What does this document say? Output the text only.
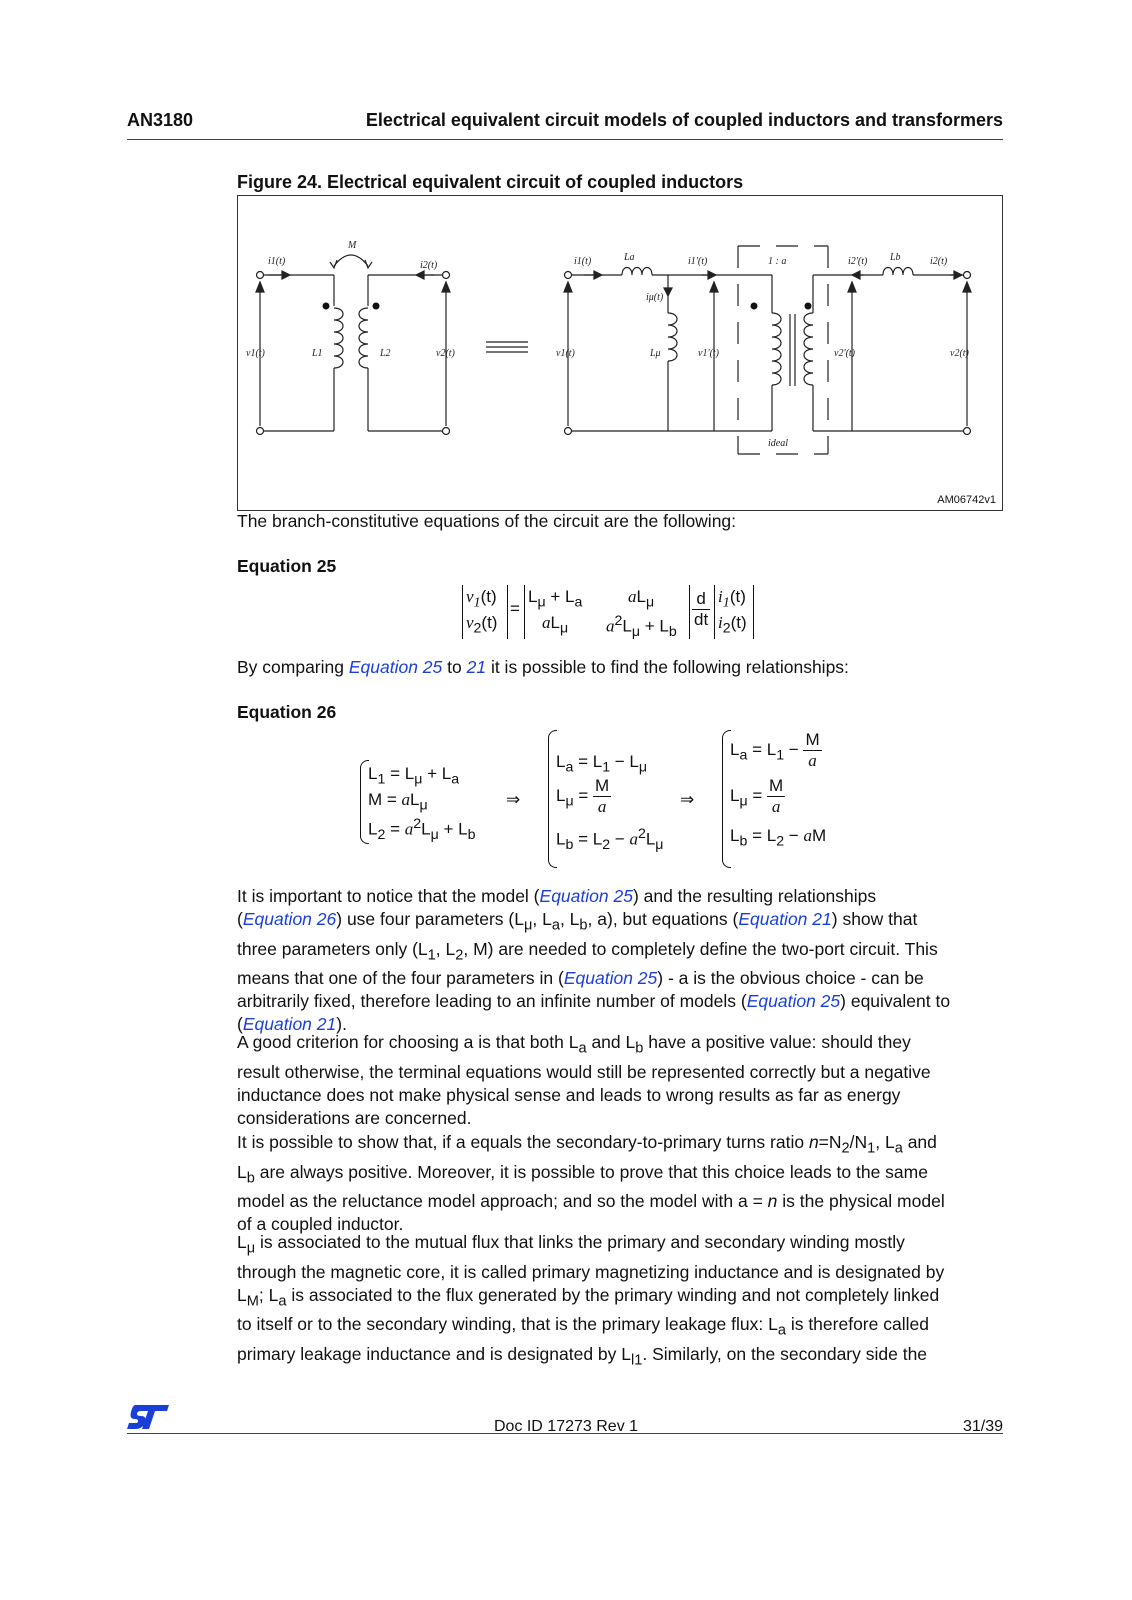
AN3180	Electrical equivalent circuit models of coupled inductors and transformers
Figure 24. Electrical equivalent circuit of coupled inductors
M
i1(t)	i2(t)
v1(t)	L1	L2	v2(t)
i1(t)	La	i1'(t)	1 : a	i2'(t) Lb	i2(t)
iμ(t)
v1(t)	Lμ	v1'(t)	v2'(t)	v2(t)
ideal
AM06742v1
The branch-constitutive equations of the circuit are the following:
Equation 25
$v_1(t)$
$v_2(t)$
=
$L_\mu + L_a$	$aL_\mu$
$aL_\mu$ $a^2L_\mu + L_b$
$\frac{d}{dt} i_1(t)$
$i_2(t)$
By comparing Equation 25 to 21 it is possible to find the following relationships:
Equation 26
$L_1 = L_\mu + L_a$
$M = aL_\mu$
$L_2 = a^2L_\mu + L_b$
⇒
$L_a = L_1 - L_\mu$
$L_\mu = \frac{M}{a}$
$L_b = L_2 - a^2L_\mu$
⇒
$L_a = L_1 - \frac{M}{a}$
$L_\mu = \frac{M}{a}$
$L_b = L_2$ − aM
It is important to notice that the model (Equation 25) and the resulting relationships
(Equation 26) use four parameters ($L_\mu$, $L_a$, $L_b$, a), but equations (Equation 21) show that
three parameters only ($L_1$, $L_2$, M) are needed to completely define the two-port circuit. This
means that one of the four parameters in (Equation 25) - a is the obvious choice - can be
arbitrarily fixed, therefore leading to an infinite number of models (Equation 25) equivalent to
(Equation 21).
A good criterion for choosing a is that both $L_a$ and $L_b$ have a positive value: should they
result otherwise, the terminal equations would still be represented correctly but a negative
inductance does not make physical sense and leads to wrong results as far as energy
considerations are concerned.
It is possible to show that, if a equals the secondary-to-primary turns ratio $n=N_2/N_1$, $L_a$ and
$L_b$ are always positive. Moreover, it is possible to prove that this choice leads to the same
model as the reluctance model approach; and so the model with a = n is the physical model
of a coupled inductor.
$L_\mu$ is associated to the mutual flux that links the primary and secondary winding mostly
through the magnetic core, it is called primary magnetizing inductance and is designated by
$L_M$; $L_a$ is associated to the flux generated by the primary winding and not completely linked
to itself or to the secondary winding, that is the primary leakage flux: $L_a$ is therefore called
primary leakage inductance and is designated by $L_{l1}$. Similarly, on the secondary side the
Doc ID 17273 Rev 1	31/39
